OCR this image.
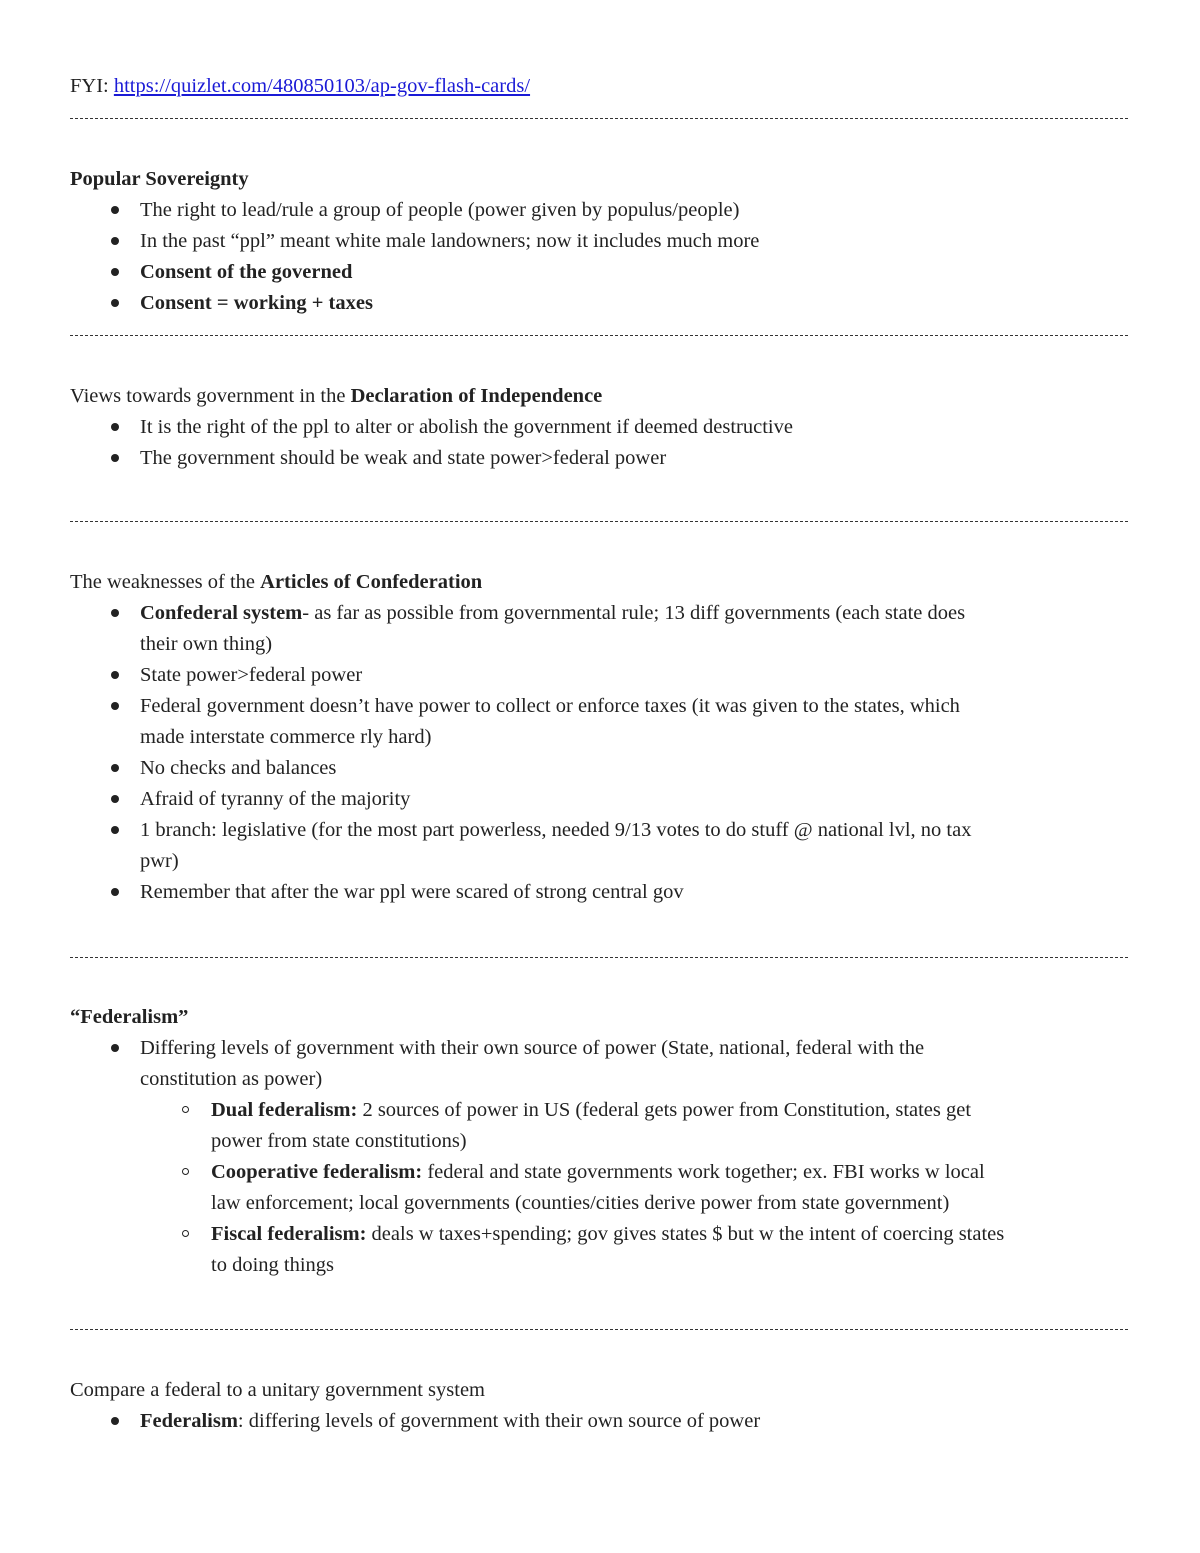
FYI: https://quizlet.com/480850103/ap-gov-flash-cards/
Popular Sovereignty
The right to lead/rule a group of people (power given by populus/people)
In the past “ppl” meant white male landowners; now it includes much more
Consent of the governed
Consent = working + taxes
Views towards government in the Declaration of Independence
It is the right of the ppl to alter or abolish the government if deemed destructive
The government should be weak and state power>federal power
The weaknesses of the Articles of Confederation
Confederal system- as far as possible from governmental rule; 13 diff governments (each state does
their own thing)
State power>federal power
Federal government doesn’t have power to collect or enforce taxes (it was given to the states, which
made interstate commerce rly hard)
No checks and balances
Afraid of tyranny of the majority
1 branch: legislative (for the most part powerless, needed 9/13 votes to do stuff @ national lvl, no tax
pwr)
Remember that after the war ppl were scared of strong central gov
“Federalism”
Differing levels of government with their own source of power (State, national, federal with the
constitution as power)
Dual federalism: 2 sources of power in US (federal gets power from Constitution, states get
power from state constitutions)
Cooperative federalism: federal and state governments work together; ex. FBI works w local
law enforcement; local governments (counties/cities derive power from state government)
Fiscal federalism: deals w taxes+spending; gov gives states $ but w the intent of coercing states
to doing things
Compare a federal to a unitary government system
Federalism: differing levels of government with their own source of power
